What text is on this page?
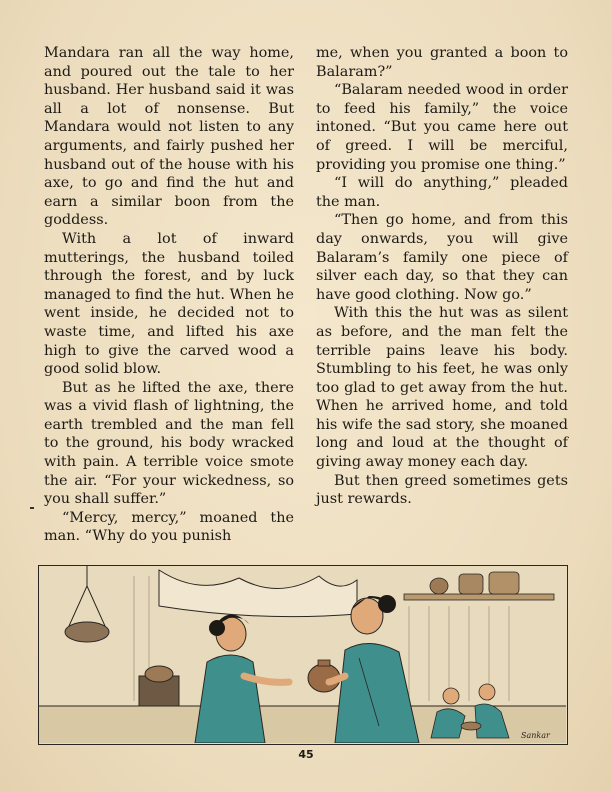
Mandara ran all the way home, and poured out the tale to her husband. Her husband said it was all a lot of nonsense. But Mandara would not listen to any arguments, and fairly pushed her husband out of the house with his axe, to go and find the hut and earn a similar boon from the goddess.

With a lot of inward mutterings, the husband toiled through the forest, and by luck managed to find the hut. When he went inside, he decided not to waste time, and lifted his axe high to give the carved wood a good solid blow.

But as he lifted the axe, there was a vivid flash of lightning, the earth trembled and the man fell to the ground, his body wracked with pain. A terrible voice smote the air. “For your wickedness, so you shall suffer.”

“Mercy, mercy,” moaned the man. “Why do you punish

me, when you granted a boon to Balaram?”

“Balaram needed wood in order to feed his family,” the voice intoned. “But you came here out of greed. I will be merciful, providing you promise one thing.”

“I will do anything,” pleaded the man.

“Then go home, and from this day onwards, you will give Balaram’s family one piece of silver each day, so that they can have good clothing. Now go.”

With this the hut was as silent as before, and the man felt the terrible pains leave his body. Stumbling to his feet, he was only too glad to get away from the hut. When he arrived home, and told his wife the sad story, she moaned long and loud at the thought of giving away money each day.

But then greed sometimes gets just rewards.

Sankar
45
